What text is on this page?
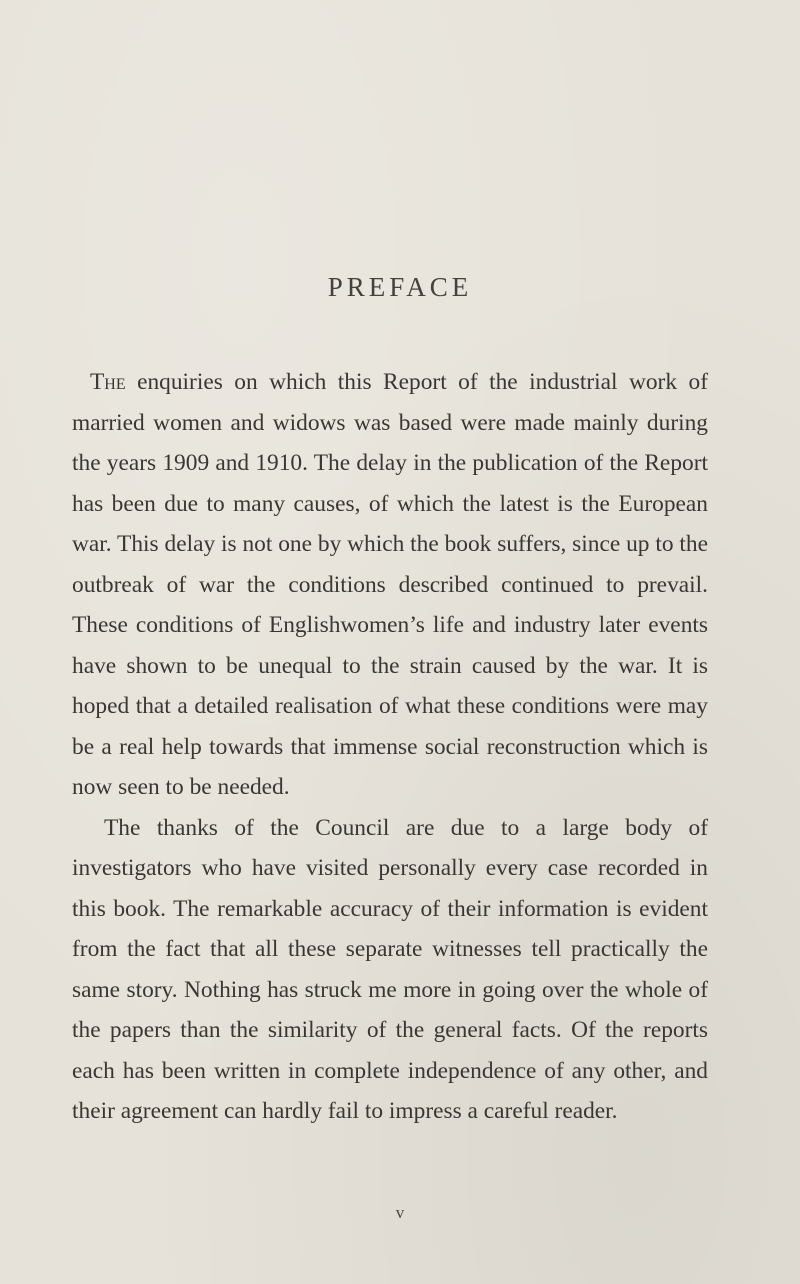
PREFACE

The enquiries on which this Report of the industrial work of married women and widows was based were made mainly during the years 1909 and 1910. The delay in the publication of the Report has been due to many causes, of which the latest is the European war. This delay is not one by which the book suffers, since up to the outbreak of war the conditions described continued to prevail. These conditions of Englishwomen’s life and industry later events have shown to be unequal to the strain caused by the war. It is hoped that a detailed realisation of what these conditions were may be a real help towards that immense social reconstruction which is now seen to be needed.

The thanks of the Council are due to a large body of investigators who have visited personally every case recorded in this book. The remarkable accuracy of their information is evident from the fact that all these separate witnesses tell practically the same story. Nothing has struck me more in going over the whole of the papers than the similarity of the general facts. Of the reports each has been written in complete independence of any other, and their agreement can hardly fail to impress a careful reader.

v
